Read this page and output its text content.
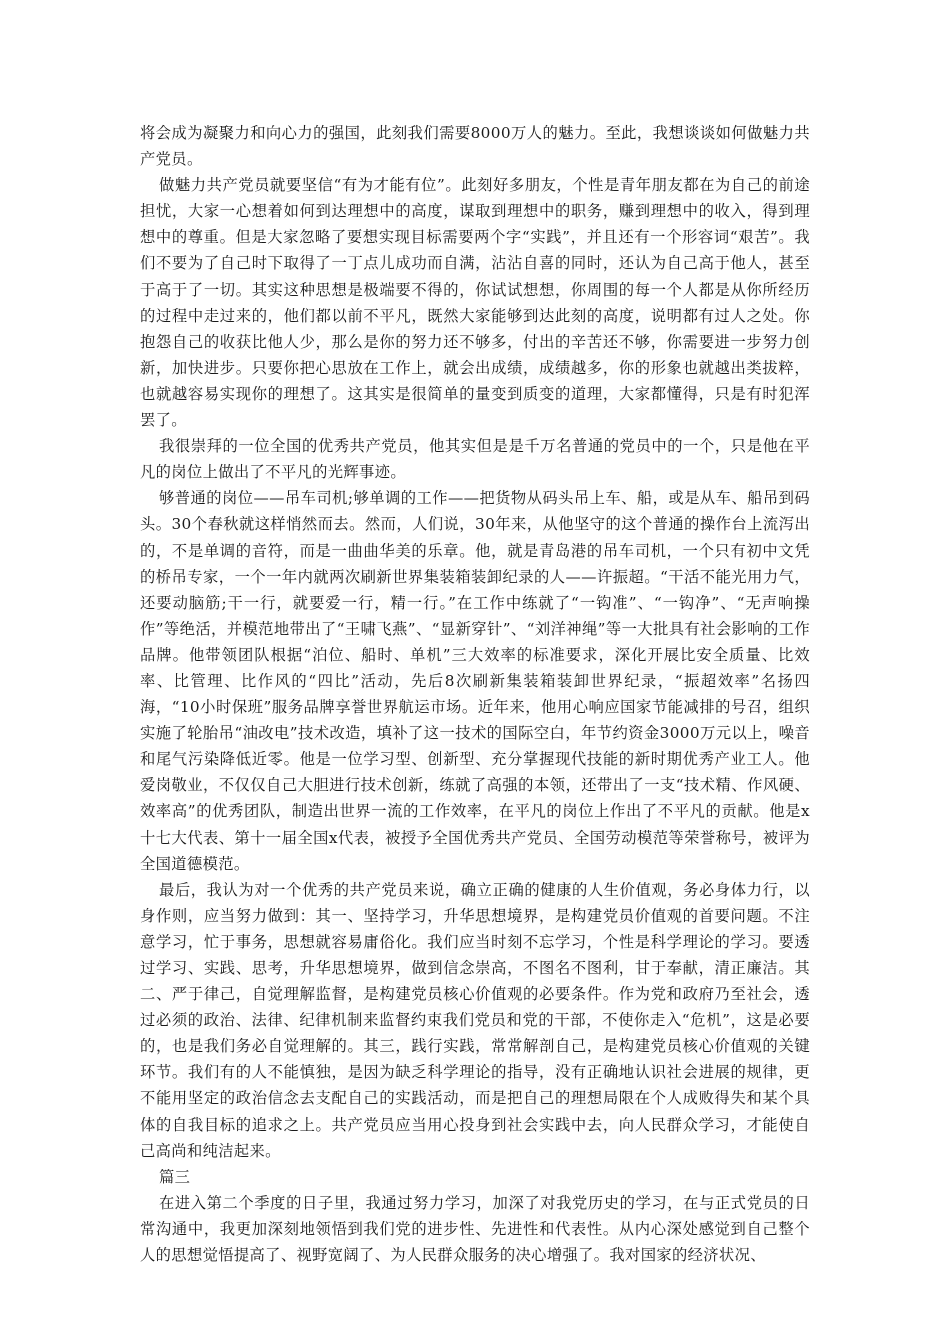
将会成为凝聚力和向心力的强国，此刻我们需要8000万人的魅力。至此，我想谈谈如何做魅力共产党员。

做魅力共产党员就要坚信“有为才能有位”。此刻好多朋友，个性是青年朋友都在为自己的前途担忧，大家一心想着如何到达理想中的高度，谋取到理想中的职务，赚到理想中的收入，得到理想中的尊重。但是大家忽略了要想实现目标需要两个字“实践”，并且还有一个形容词“艰苦”。我们不要为了自己时下取得了一丁点儿成功而自满，沾沾自喜的同时，还认为自己高于他人，甚至于高于了一切。其实这种思想是极端要不得的，你试试想想，你周围的每一个人都是从你所经历的过程中走过来的，他们都以前不平凡，既然大家能够到达此刻的高度，说明都有过人之处。你抱怨自己的收获比他人少，那么是你的努力还不够多，付出的辛苦还不够，你需要进一步努力创新，加快进步。只要你把心思放在工作上，就会出成绩，成绩越多，你的形象也就越出类拔粹，也就越容易实现你的理想了。这其实是很简单的量变到质变的道理，大家都懂得，只是有时犯浑罢了。

我很崇拜的一位全国的优秀共产党员，他其实但是是千万名普通的党员中的一个，只是他在平凡的岗位上做出了不平凡的光辉事迹。

够普通的岗位——吊车司机;够单调的工作——把货物从码头吊上车、船，或是从车、船吊到码头。30个春秋就这样悄然而去。然而，人们说，30年来，从他坚守的这个普通的操作台上流泻出的，不是单调的音符，而是一曲曲华美的乐章。他，就是青岛港的吊车司机，一个只有初中文凭的桥吊专家，一个一年内就两次刷新世界集装箱装卸纪录的人——许振超。“干活不能光用力气，还要动脑筋;干一行，就要爱一行，精一行。”在工作中练就了“一钩准”、“一钩净”、“无声响操作”等绝活，并模范地带出了“王啸飞燕”、“显新穿针”、“刘洋神绳”等一大批具有社会影响的工作品牌。他带领团队根据“泊位、船时、单机”三大效率的标准要求，深化开展比安全质量、比效率、比管理、比作风的“四比”活动，先后8次刷新集装箱装卸世界纪录，“振超效率”名扬四海，“10小时保班”服务品牌享誉世界航运市场。近年来，他用心响应国家节能减排的号召，组织实施了轮胎吊“油改电”技术改造，填补了这一技术的国际空白，年节约资金3000万元以上，噪音和尾气污染降低近零。他是一位学习型、创新型、充分掌握现代技能的新时期优秀产业工人。他爱岗敬业，不仅仅自己大胆进行技术创新，练就了高强的本领，还带出了一支“技术精、作风硬、效率高”的优秀团队，制造出世界一流的工作效率，在平凡的岗位上作出了不平凡的贡献。他是x十七大代表、第十一届全国x代表，被授予全国优秀共产党员、全国劳动模范等荣誉称号，被评为全国道德模范。

最后，我认为对一个优秀的共产党员来说，确立正确的健康的人生价值观，务必身体力行，以身作则，应当努力做到：其一、坚持学习，升华思想境界，是构建党员价值观的首要问题。不注意学习，忙于事务，思想就容易庸俗化。我们应当时刻不忘学习，个性是科学理论的学习。要透过学习、实践、思考，升华思想境界，做到信念崇高，不图名不图利，甘于奉献，清正廉洁。其二、严于律己，自觉理解监督，是构建党员核心价值观的必要条件。作为党和政府乃至社会，透过必须的政治、法律、纪律机制来监督约束我们党员和党的干部，不使你走入“危机”，这是必要的，也是我们务必自觉理解的。其三，践行实践，常常解剖自己，是构建党员核心价值观的关键环节。我们有的人不能慎独，是因为缺乏科学理论的指导，没有正确地认识社会进展的规律，更不能用坚定的政治信念去支配自己的实践活动，而是把自己的理想局限在个人成败得失和某个具体的自我目标的追求之上。共产党员应当用心投身到社会实践中去，向人民群众学习，才能使自己高尚和纯洁起来。

篇三

在进入第二个季度的日子里，我通过努力学习，加深了对我党历史的学习，在与正式党员的日常沟通中，我更加深刻地领悟到我们党的进步性、先进性和代表性。从内心深处感觉到自己整个人的思想觉悟提高了、视野宽阔了、为人民群众服务的决心增强了。我对国家的经济状况、
